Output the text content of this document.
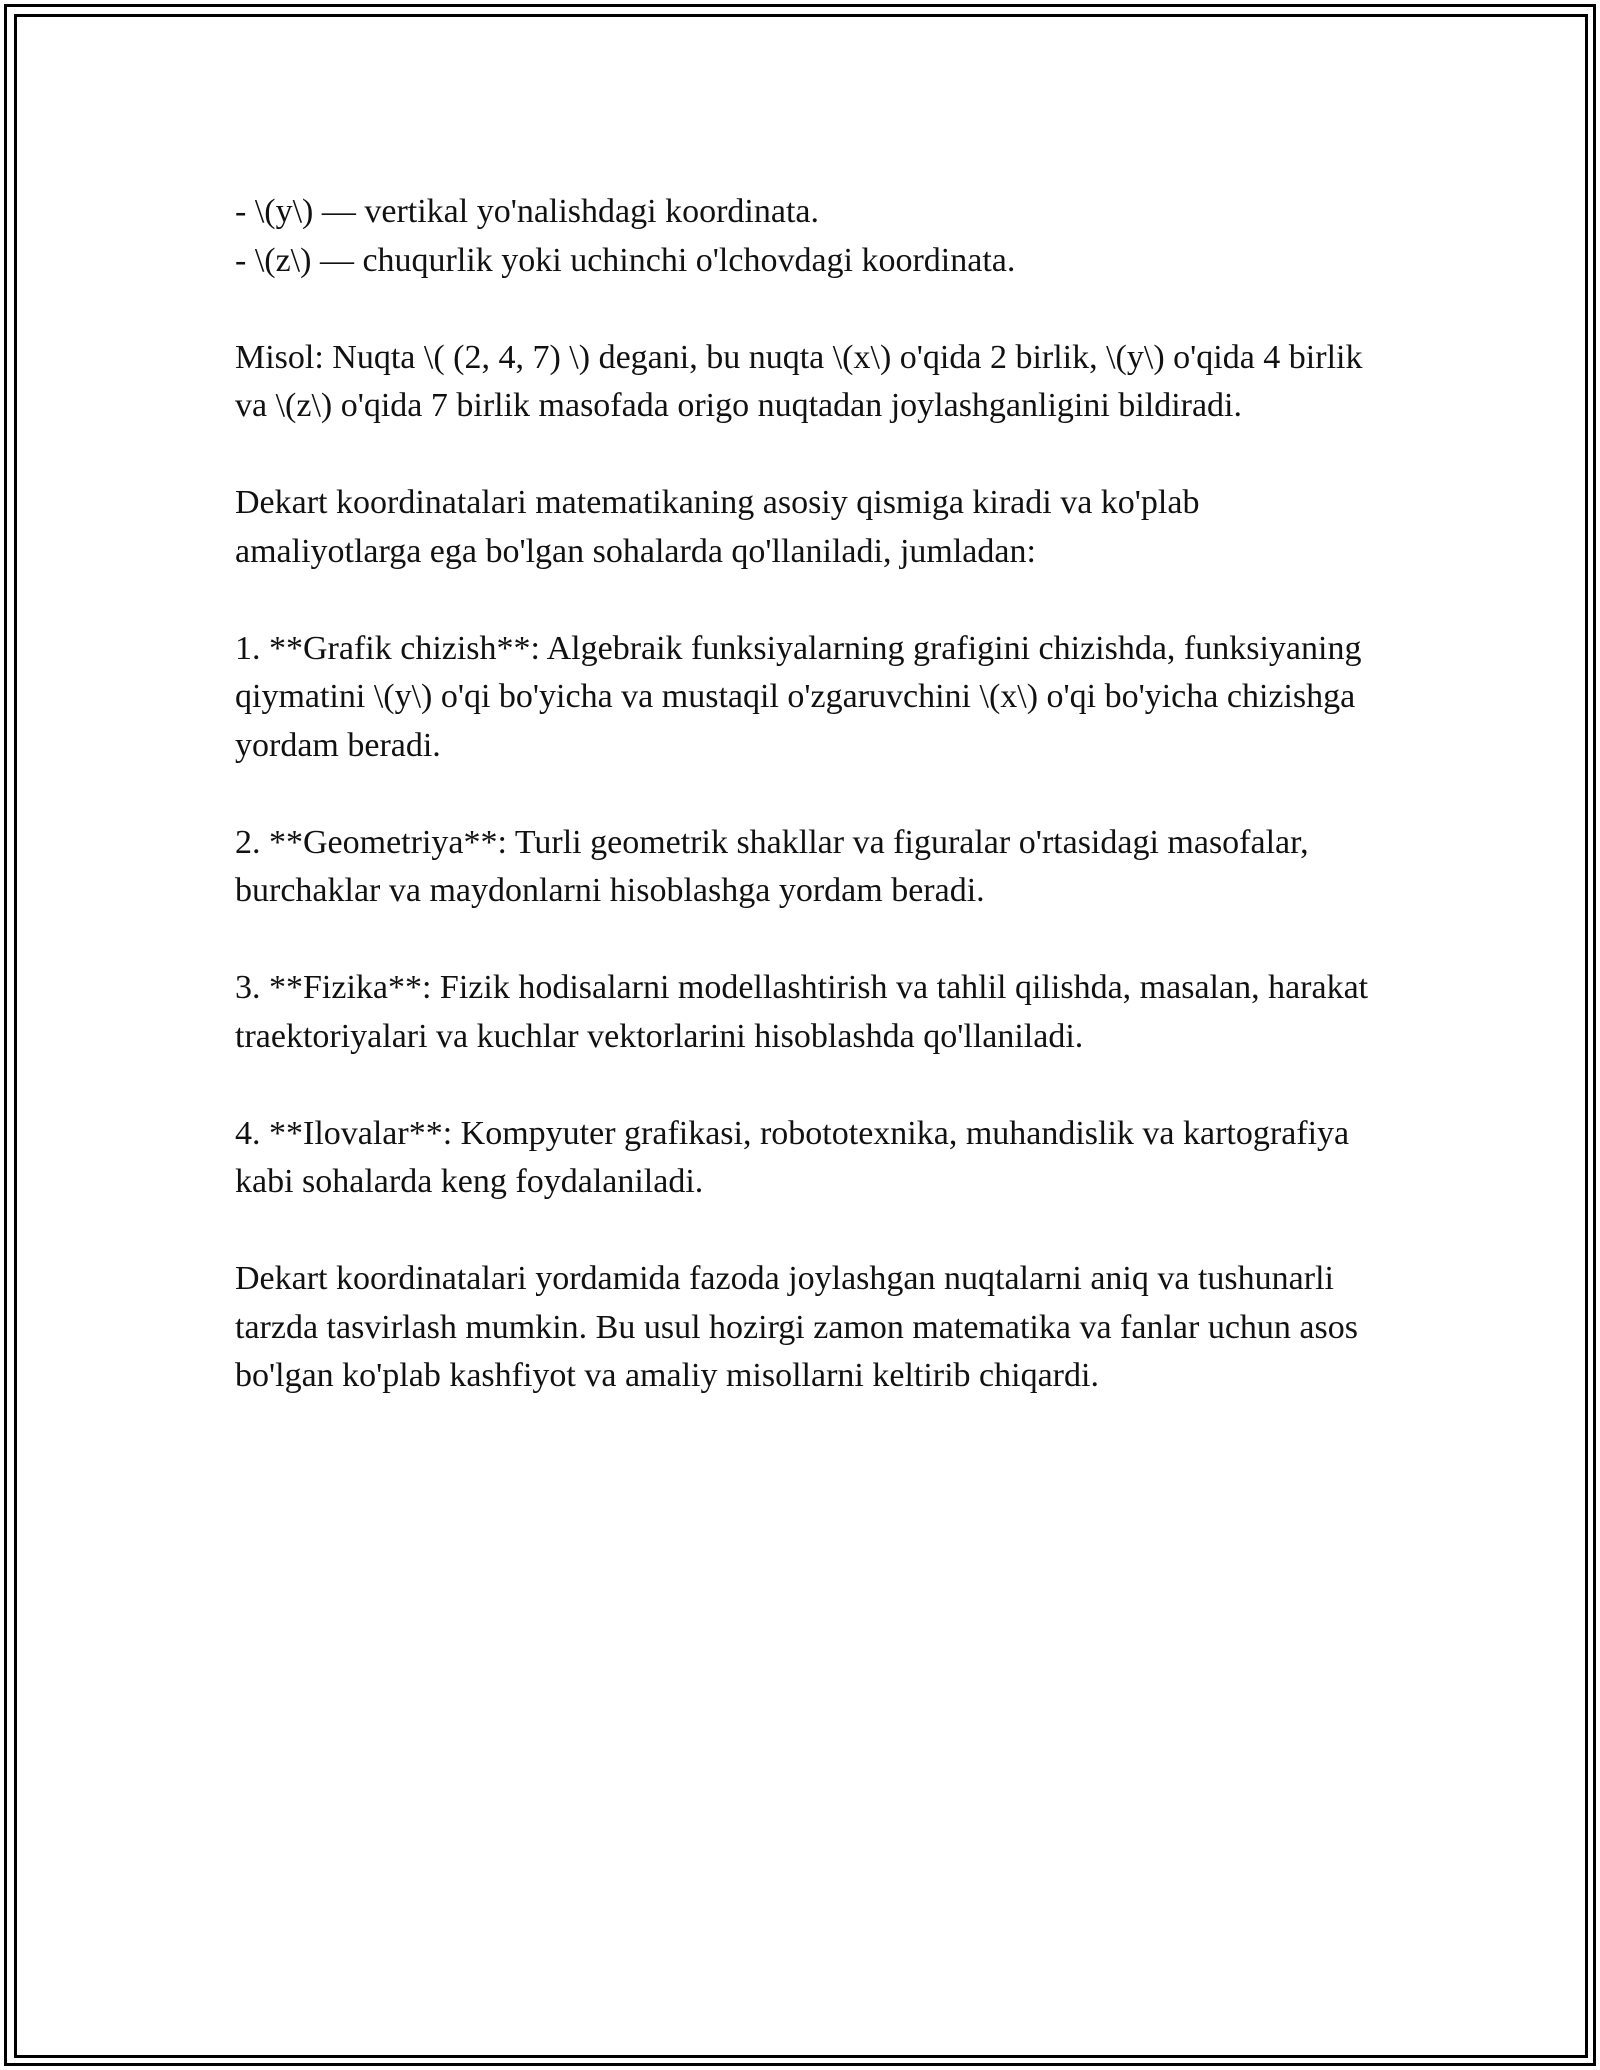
- \(y\) — vertikal yo'nalishdagi koordinata.

- \(z\) — chuqurlik yoki uchinchi o'lchovdagi koordinata.

Misol: Nuqta \( (2, 4, 7) \) degani, bu nuqta \(x\) o'qida 2 birlik, \(y\) o'qida 4 birlik va \(z\) o'qida 7 birlik masofada origo nuqtadan joylashganligini bildiradi.

Dekart koordinatalari matematikaning asosiy qismiga kiradi va ko'plab amaliyotlarga ega bo'lgan sohalarda qo'llaniladi, jumladan:

1. **Grafik chizish**: Algebraik funksiyalarning grafigini chizishda, funksiyaning qiymatini \(y\) o'qi bo'yicha va mustaqil o'zgaruvchini \(x\) o'qi bo'yicha chizishga yordam beradi.

2. **Geometriya**: Turli geometrik shakllar va figuralar o'rtasidagi masofalar, burchaklar va maydonlarni hisoblashga yordam beradi.

3. **Fizika**: Fizik hodisalarni modellashtirish va tahlil qilishda, masalan, harakat traektoriyalari va kuchlar vektorlarini hisoblashda qo'llaniladi.

4. **Ilovalar**: Kompyuter grafikasi, robototexnika, muhandislik va kartografiya kabi sohalarda keng foydalaniladi.

Dekart koordinatalari yordamida fazoda joylashgan nuqtalarni aniq va tushunarli tarzda tasvirlash mumkin. Bu usul hozirgi zamon matematika va fanlar uchun asos bo'lgan ko'plab kashfiyot va amaliy misollarni keltirib chiqardi.
